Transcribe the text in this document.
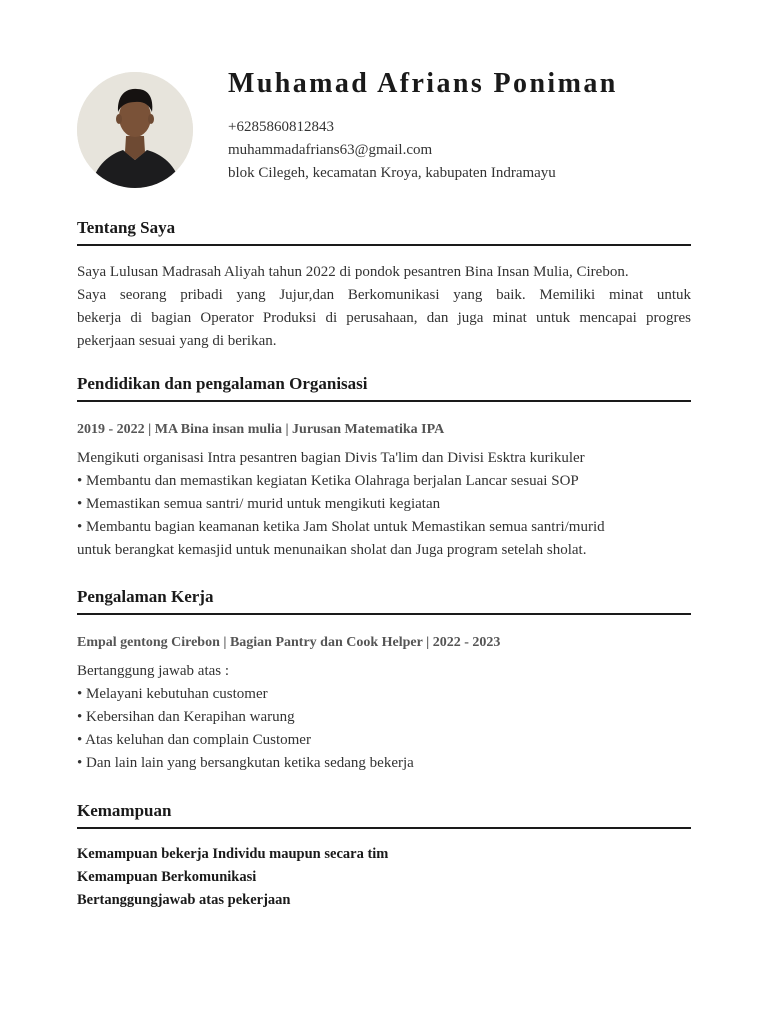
Muhamad Afrians Poniman
+6285860812843
muhammadafrians63@gmail.com
blok Cilegeh, kecamatan Kroya, kabupaten Indramayu
Tentang Saya
Saya Lulusan Madrasah Aliyah tahun 2022 di pondok pesantren Bina Insan Mulia, Cirebon.
Saya seorang pribadi yang Jujur,dan Berkomunikasi yang baik. Memiliki minat untuk
bekerja di bagian Operator Produksi di perusahaan, dan juga minat untuk mencapai progres
pekerjaan sesuai yang di berikan.
Pendidikan dan pengalaman Organisasi
2019 - 2022 | MA Bina insan mulia | Jurusan Matematika IPA
Mengikuti organisasi Intra pesantren bagian Divis Ta'lim dan Divisi Esktra kurikuler
• Membantu dan memastikan kegiatan Ketika Olahraga berjalan Lancar sesuai SOP
• Memastikan semua santri/ murid untuk mengikuti kegiatan
• Membantu bagian keamanan ketika Jam Sholat untuk Memastikan semua santri/murid
untuk berangkat kemasjid untuk menunaikan sholat dan Juga program setelah sholat.
Pengalaman Kerja
Empal gentong Cirebon | Bagian Pantry dan Cook Helper | 2022 - 2023
Bertanggung jawab atas :
• Melayani kebutuhan customer
• Kebersihan dan Kerapihan warung
• Atas keluhan dan complain Customer
• Dan lain lain yang bersangkutan ketika sedang bekerja
Kemampuan
Kemampuan bekerja Individu maupun secara tim
Kemampuan Berkomunikasi
Bertanggungjawab atas pekerjaan
